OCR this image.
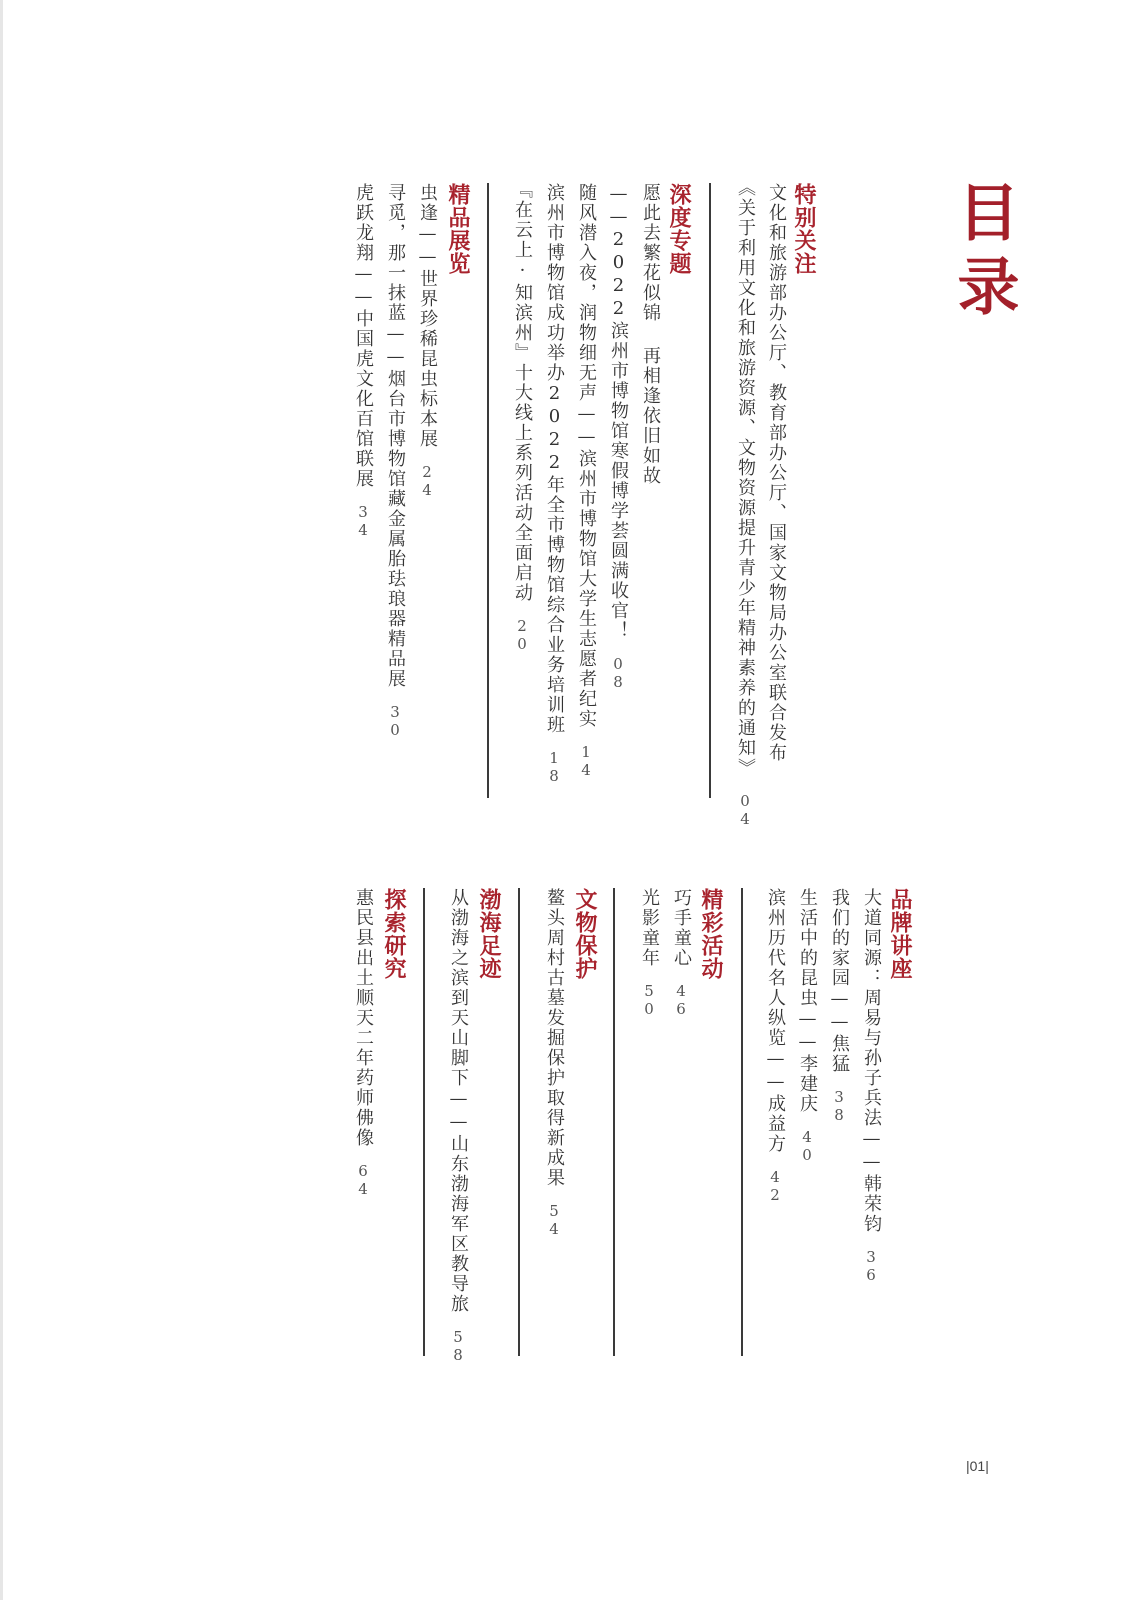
目录
特别关注
文化和旅游部办公厅、教育部办公厅、国家文物局办公室联合发布
《关于利用文化和旅游资源、文物资源提升青少年精神素养的通知》04
深度专题
愿此去繁花似锦 再相逢依旧如故
——2022滨州市博物馆寒假博学荟圆满收官！08
随风潜入夜，润物细无声——滨州市博物馆大学生志愿者纪实14
滨州市博物馆成功举办2022年全市博物馆综合业务培训班18
『在云上·知滨州』十大线上系列活动全面启动20
精品展览
虫逢——世界珍稀昆虫标本展24
寻觅，那一抹蓝——烟台市博物馆藏金属胎珐琅器精品展30
虎跃龙翔——中国虎文化百馆联展34
品牌讲座
大道同源：周易与孙子兵法——韩荣钧36
我们的家园——焦猛38
生活中的昆虫——李建庆40
滨州历代名人纵览——成益方42
精彩活动
巧手童心46
光影童年50
文物保护
鳌头周村古墓发掘保护取得新成果54
渤海足迹
从渤海之滨到天山脚下——山东渤海军区教导旅58
探索研究
惠民县出土顺天二年药师佛像64
|01|
